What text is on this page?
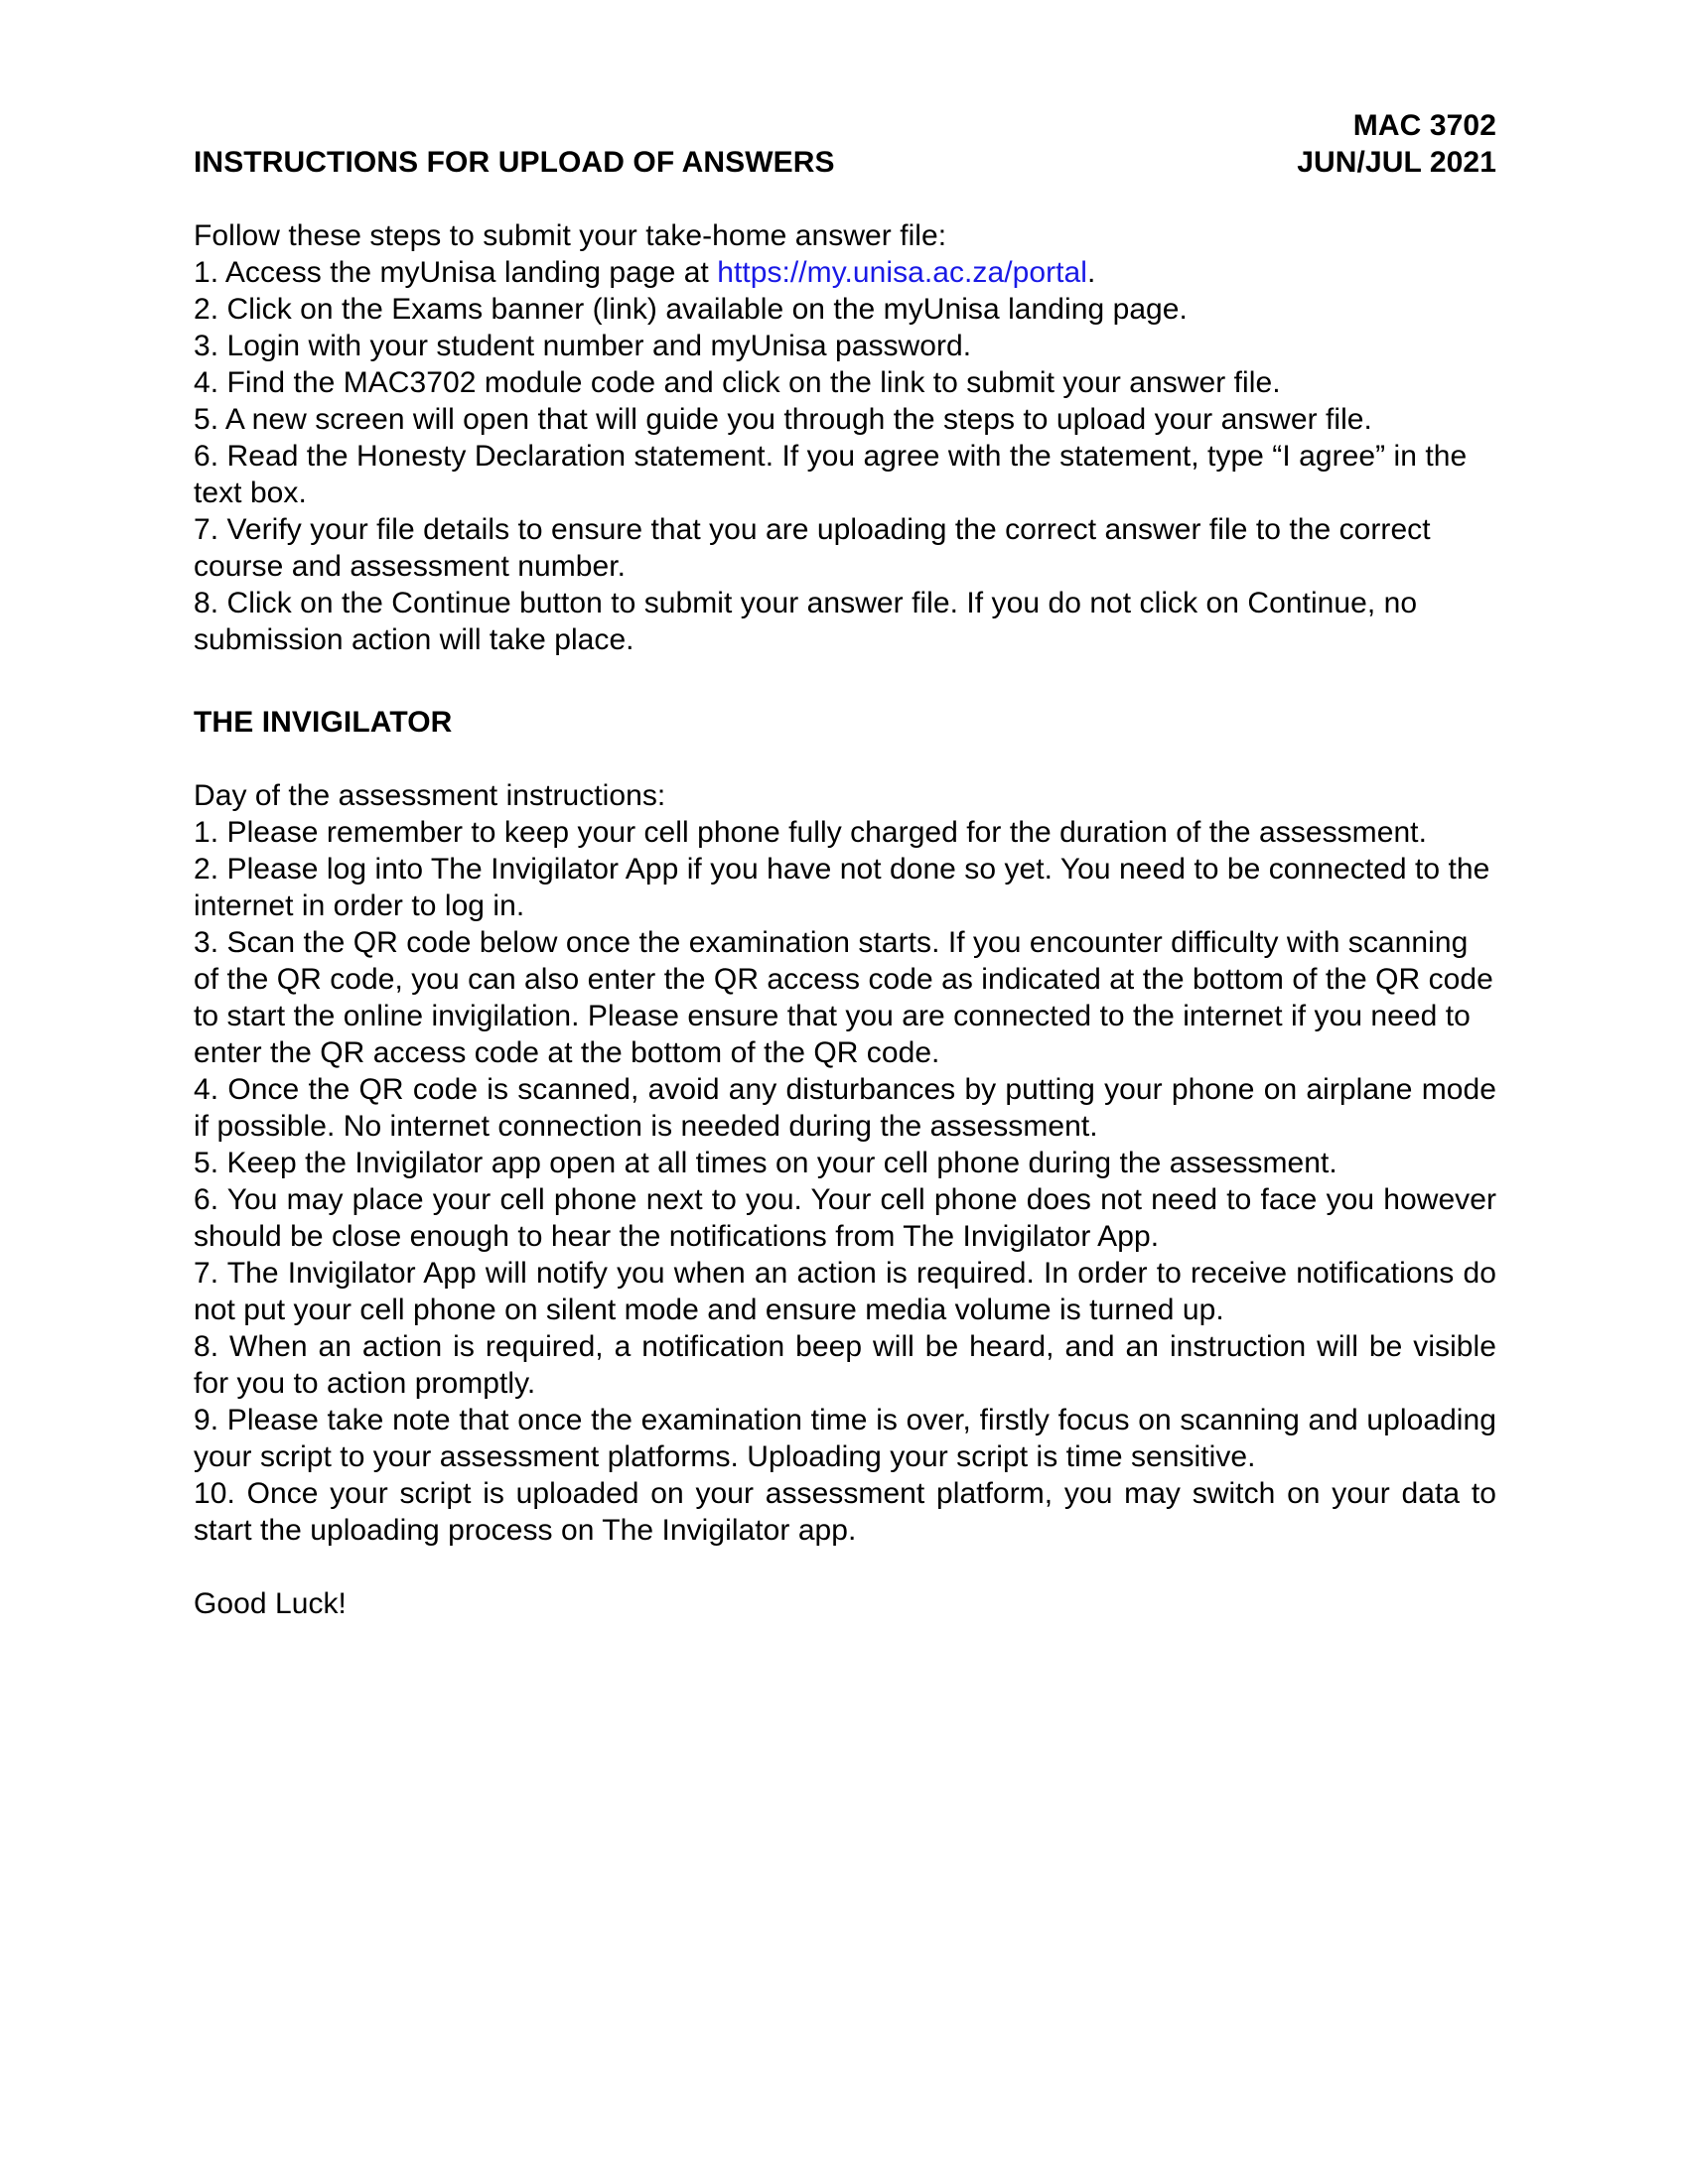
MAC 3702
JUN/JUL 2021
INSTRUCTIONS FOR UPLOAD OF ANSWERS

Follow these steps to submit your take-home answer file:

1. Access the myUnisa landing page at https://my.unisa.ac.za/portal.

2. Click on the Exams banner (link) available on the myUnisa landing page.

3. Login with your student number and myUnisa password.

4. Find the MAC3702 module code and click on the link to submit your answer file.

5. A new screen will open that will guide you through the steps to upload your answer file.

6. Read the Honesty Declaration statement. If you agree with the statement, type “I agree” in the text box.

7. Verify your file details to ensure that you are uploading the correct answer file to the correct course and assessment number.

8. Click on the Continue button to submit your answer file. If you do not click on Continue, no submission action will take place.

THE INVIGILATOR

Day of the assessment instructions:

1. Please remember to keep your cell phone fully charged for the duration of the assessment.

2. Please log into The Invigilator App if you have not done so yet. You need to be connected to the internet in order to log in.

3. Scan the QR code below once the examination starts. If you encounter difficulty with scanning of the QR code, you can also enter the QR access code as indicated at the bottom of the QR code to start the online invigilation. Please ensure that you are connected to the internet if you need to enter the QR access code at the bottom of the QR code.

4. Once the QR code is scanned, avoid any disturbances by putting your phone on airplane mode if possible. No internet connection is needed during the assessment.

5. Keep the Invigilator app open at all times on your cell phone during the assessment.

6. You may place your cell phone next to you. Your cell phone does not need to face you however should be close enough to hear the notifications from The Invigilator App.

7. The Invigilator App will notify you when an action is required. In order to receive notifications do not put your cell phone on silent mode and ensure media volume is turned up.

8. When an action is required, a notification beep will be heard, and an instruction will be visible for you to action promptly.

9. Please take note that once the examination time is over, firstly focus on scanning and uploading your script to your assessment platforms. Uploading your script is time sensitive.

10. Once your script is uploaded on your assessment platform, you may switch on your data to start the uploading process on The Invigilator app.

Good Luck!
